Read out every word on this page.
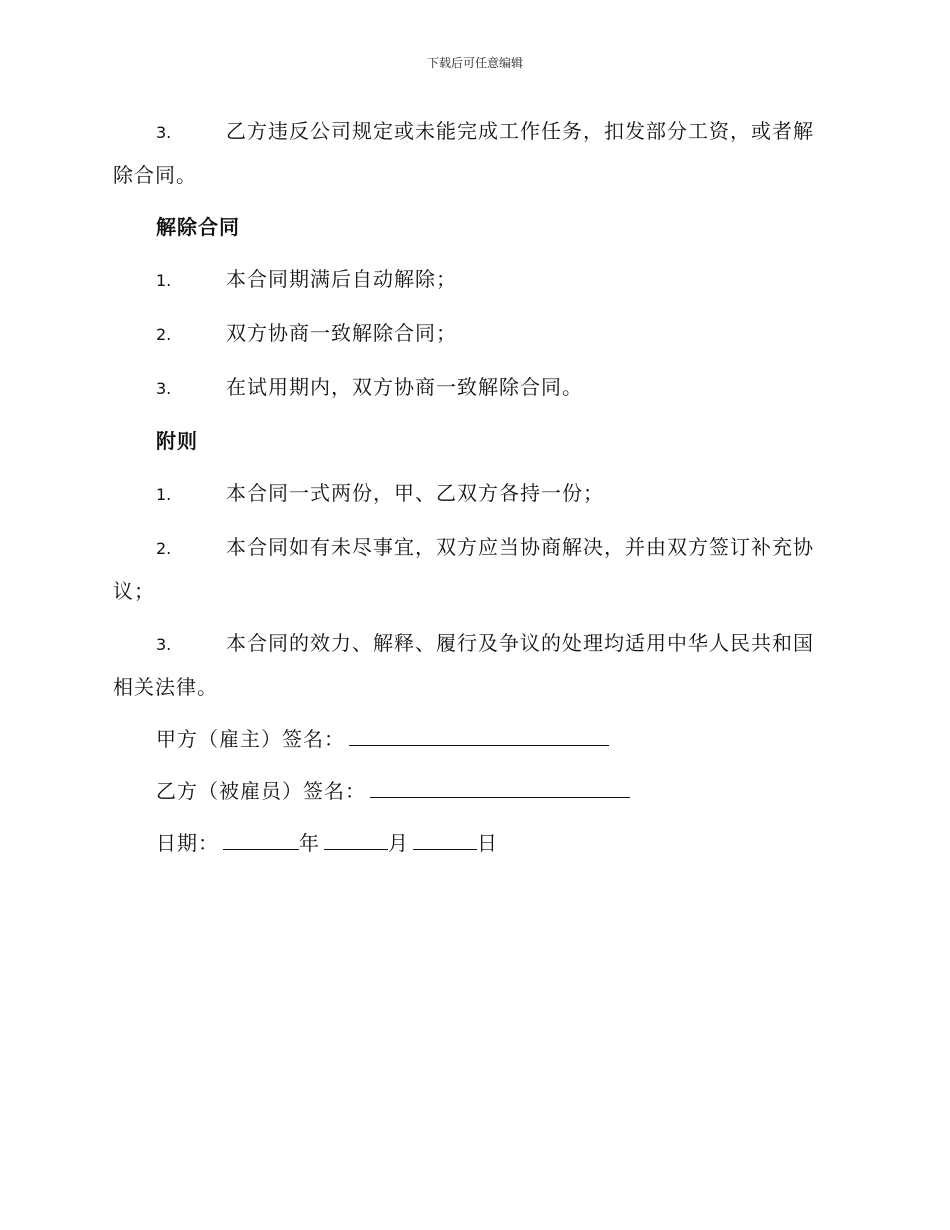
下载后可任意编辑
3.	乙方违反公司规定或未能完成工作任务，扣发部分工资，或者解
除合同。
解除合同
1.	本合同期满后自动解除；
2.	双方协商一致解除合同；
3.	在试用期内，双方协商一致解除合同。
附则
1.	本合同一式两份，甲、乙双方各持一份；
2.	本合同如有未尽事宜，双方应当协商解决，并由双方签订补充协
议；
3.	本合同的效力、解释、履行及争议的处理均适用中华人民共和国
相关法律。
甲方（雇主）签名：
乙方（被雇员）签名：
日期：	年	月	日
